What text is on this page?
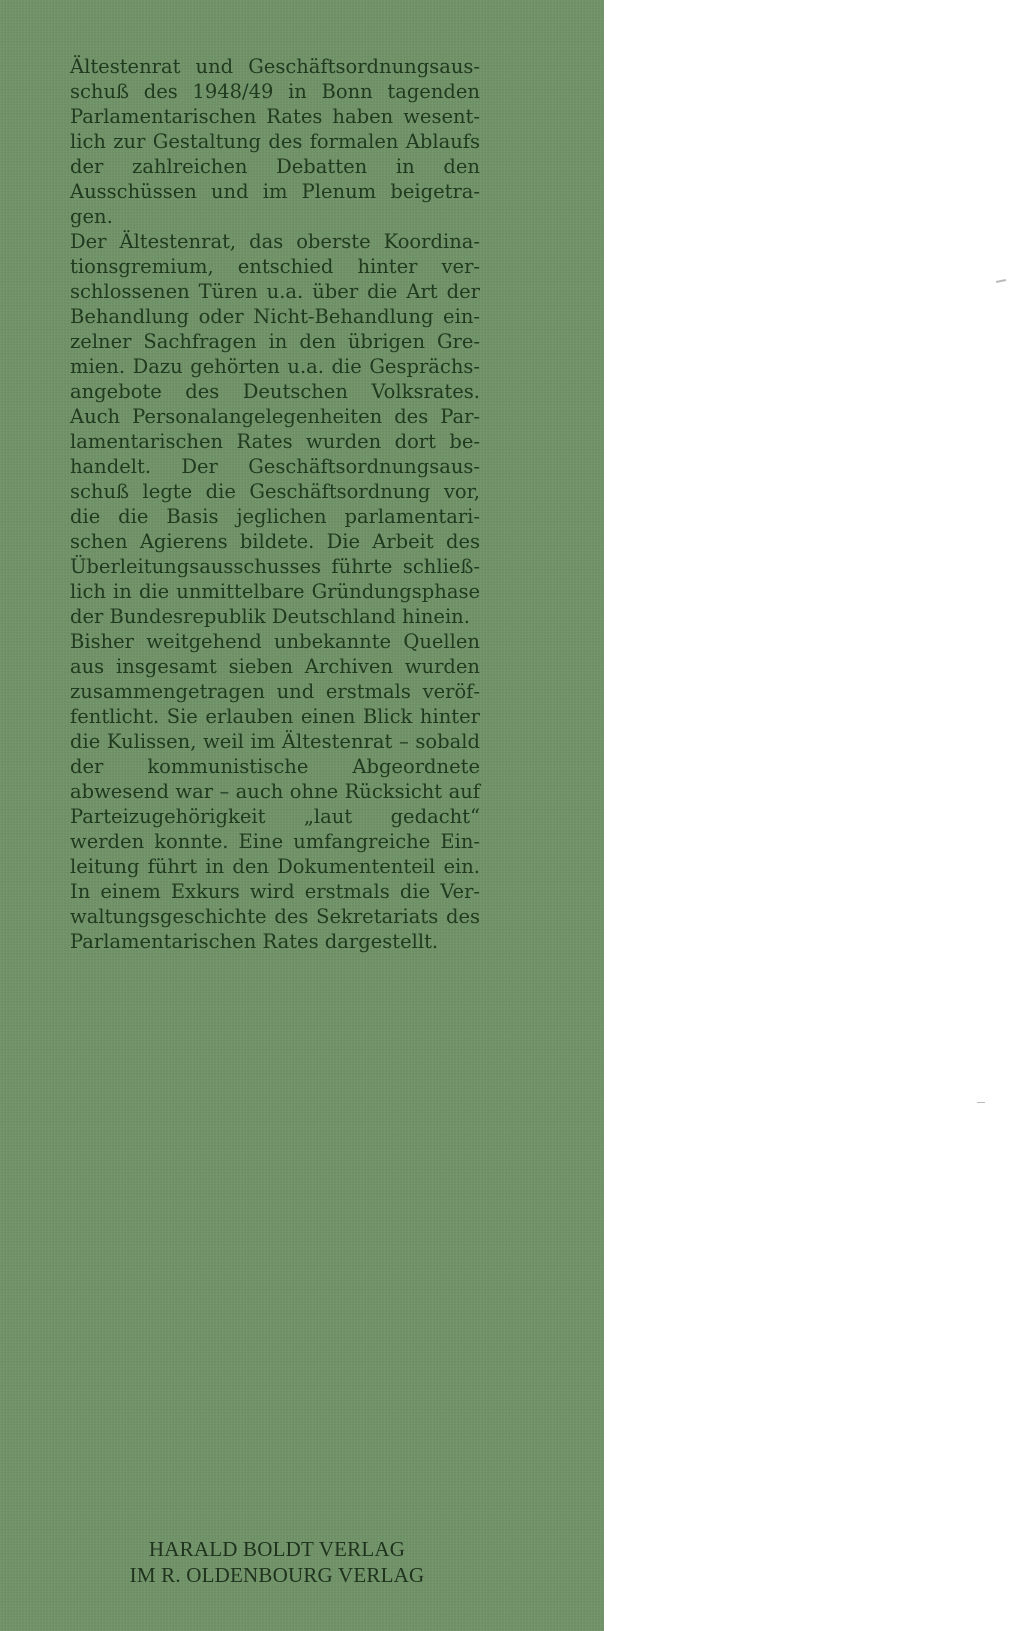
Ältestenrat und Geschäftsordnungsausschuß des 1948/49 in Bonn tagenden Parlamentarischen Rates haben wesentlich zur Gestaltung des formalen Ablaufs der zahlreichen Debatten in den Ausschüssen und im Plenum beigetragen.

Der Ältestenrat, das oberste Koordinationsgremium, entschied hinter verschlossenen Türen u.a. über die Art der Behandlung oder Nicht-Behandlung einzelner Sachfragen in den übrigen Gremien. Dazu gehörten u.a. die Gesprächsangebote des Deutschen Volksrates. Auch Personalangelegenheiten des Parlamentarischen Rates wurden dort behandelt. Der Geschäftsordnungsausschuß legte die Geschäftsordnung vor, die die Basis jeglichen parlamentarischen Agierens bildete. Die Arbeit des Überleitungsausschusses führte schließlich in die unmittelbare Gründungsphase der Bundesrepublik Deutschland hinein.

Bisher weitgehend unbekannte Quellen aus insgesamt sieben Archiven wurden zusammengetragen und erstmals veröffentlicht. Sie erlauben einen Blick hinter die Kulissen, weil im Ältestenrat – sobald der kommunistische Abgeordnete abwesend war – auch ohne Rücksicht auf Parteizugehörigkeit „laut gedacht“ werden konnte. Eine umfangreiche Einleitung führt in den Dokumententeil ein. In einem Exkurs wird erstmals die Verwaltungsgeschichte des Sekretariats des Parlamentarischen Rates dargestellt.

HARALD BOLDT VERLAG
IM R. OLDENBOURG VERLAG
